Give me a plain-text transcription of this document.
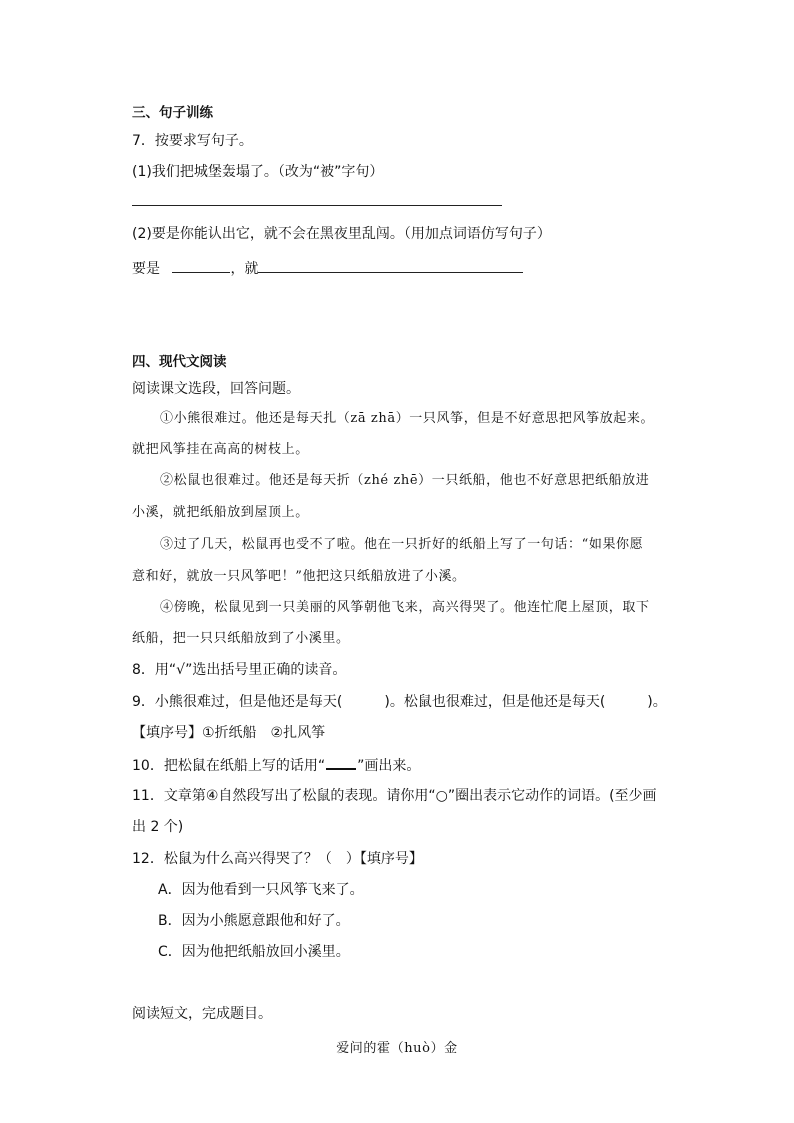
三、句子训练
7．按要求写句子。
(1)我们把城堡轰塌了。（改为“被”字句）
(2)要是你能认出它，就不会在黑夜里乱闯。（用加点词语仿写句子）
要是	，就
四、现代文阅读
阅读课文选段，回答问题。
①小熊很难过。他还是每天扎（zā zhā）一只风筝，但是不好意思把风筝放起来。
就把风筝挂在高高的树枝上。
②松鼠也很难过。他还是每天折（zhé zhē）一只纸船，他也不好意思把纸船放进
小溪，就把纸船放到屋顶上。
③过了几天，松鼠再也受不了啦。他在一只折好的纸船上写了一句话：“如果你愿
意和好，就放一只风筝吧！”他把这只纸船放进了小溪。
④傍晚，松鼠见到一只美丽的风筝朝他飞来，高兴得哭了。他连忙爬上屋顶，取下
纸船，把一只只纸船放到了小溪里。
8．用“√”选出括号里正确的读音。
9．小熊很难过，但是他还是每天(　　　)。松鼠也很难过，但是他还是每天(　　　)。
【填序号】①折纸船　②扎风筝
10．把松鼠在纸船上写的话用“ ”画出来。
11．文章第④自然段写出了松鼠的表现。请你用“○”圈出表示它动作的词语。(至少画
出 2 个)
12．松鼠为什么高兴得哭了？（　）【填序号】
A．因为他看到一只风筝飞来了。
B．因为小熊愿意跟他和好了。
C．因为他把纸船放回小溪里。
阅读短文，完成题目。
爱问的霍（huò）金
